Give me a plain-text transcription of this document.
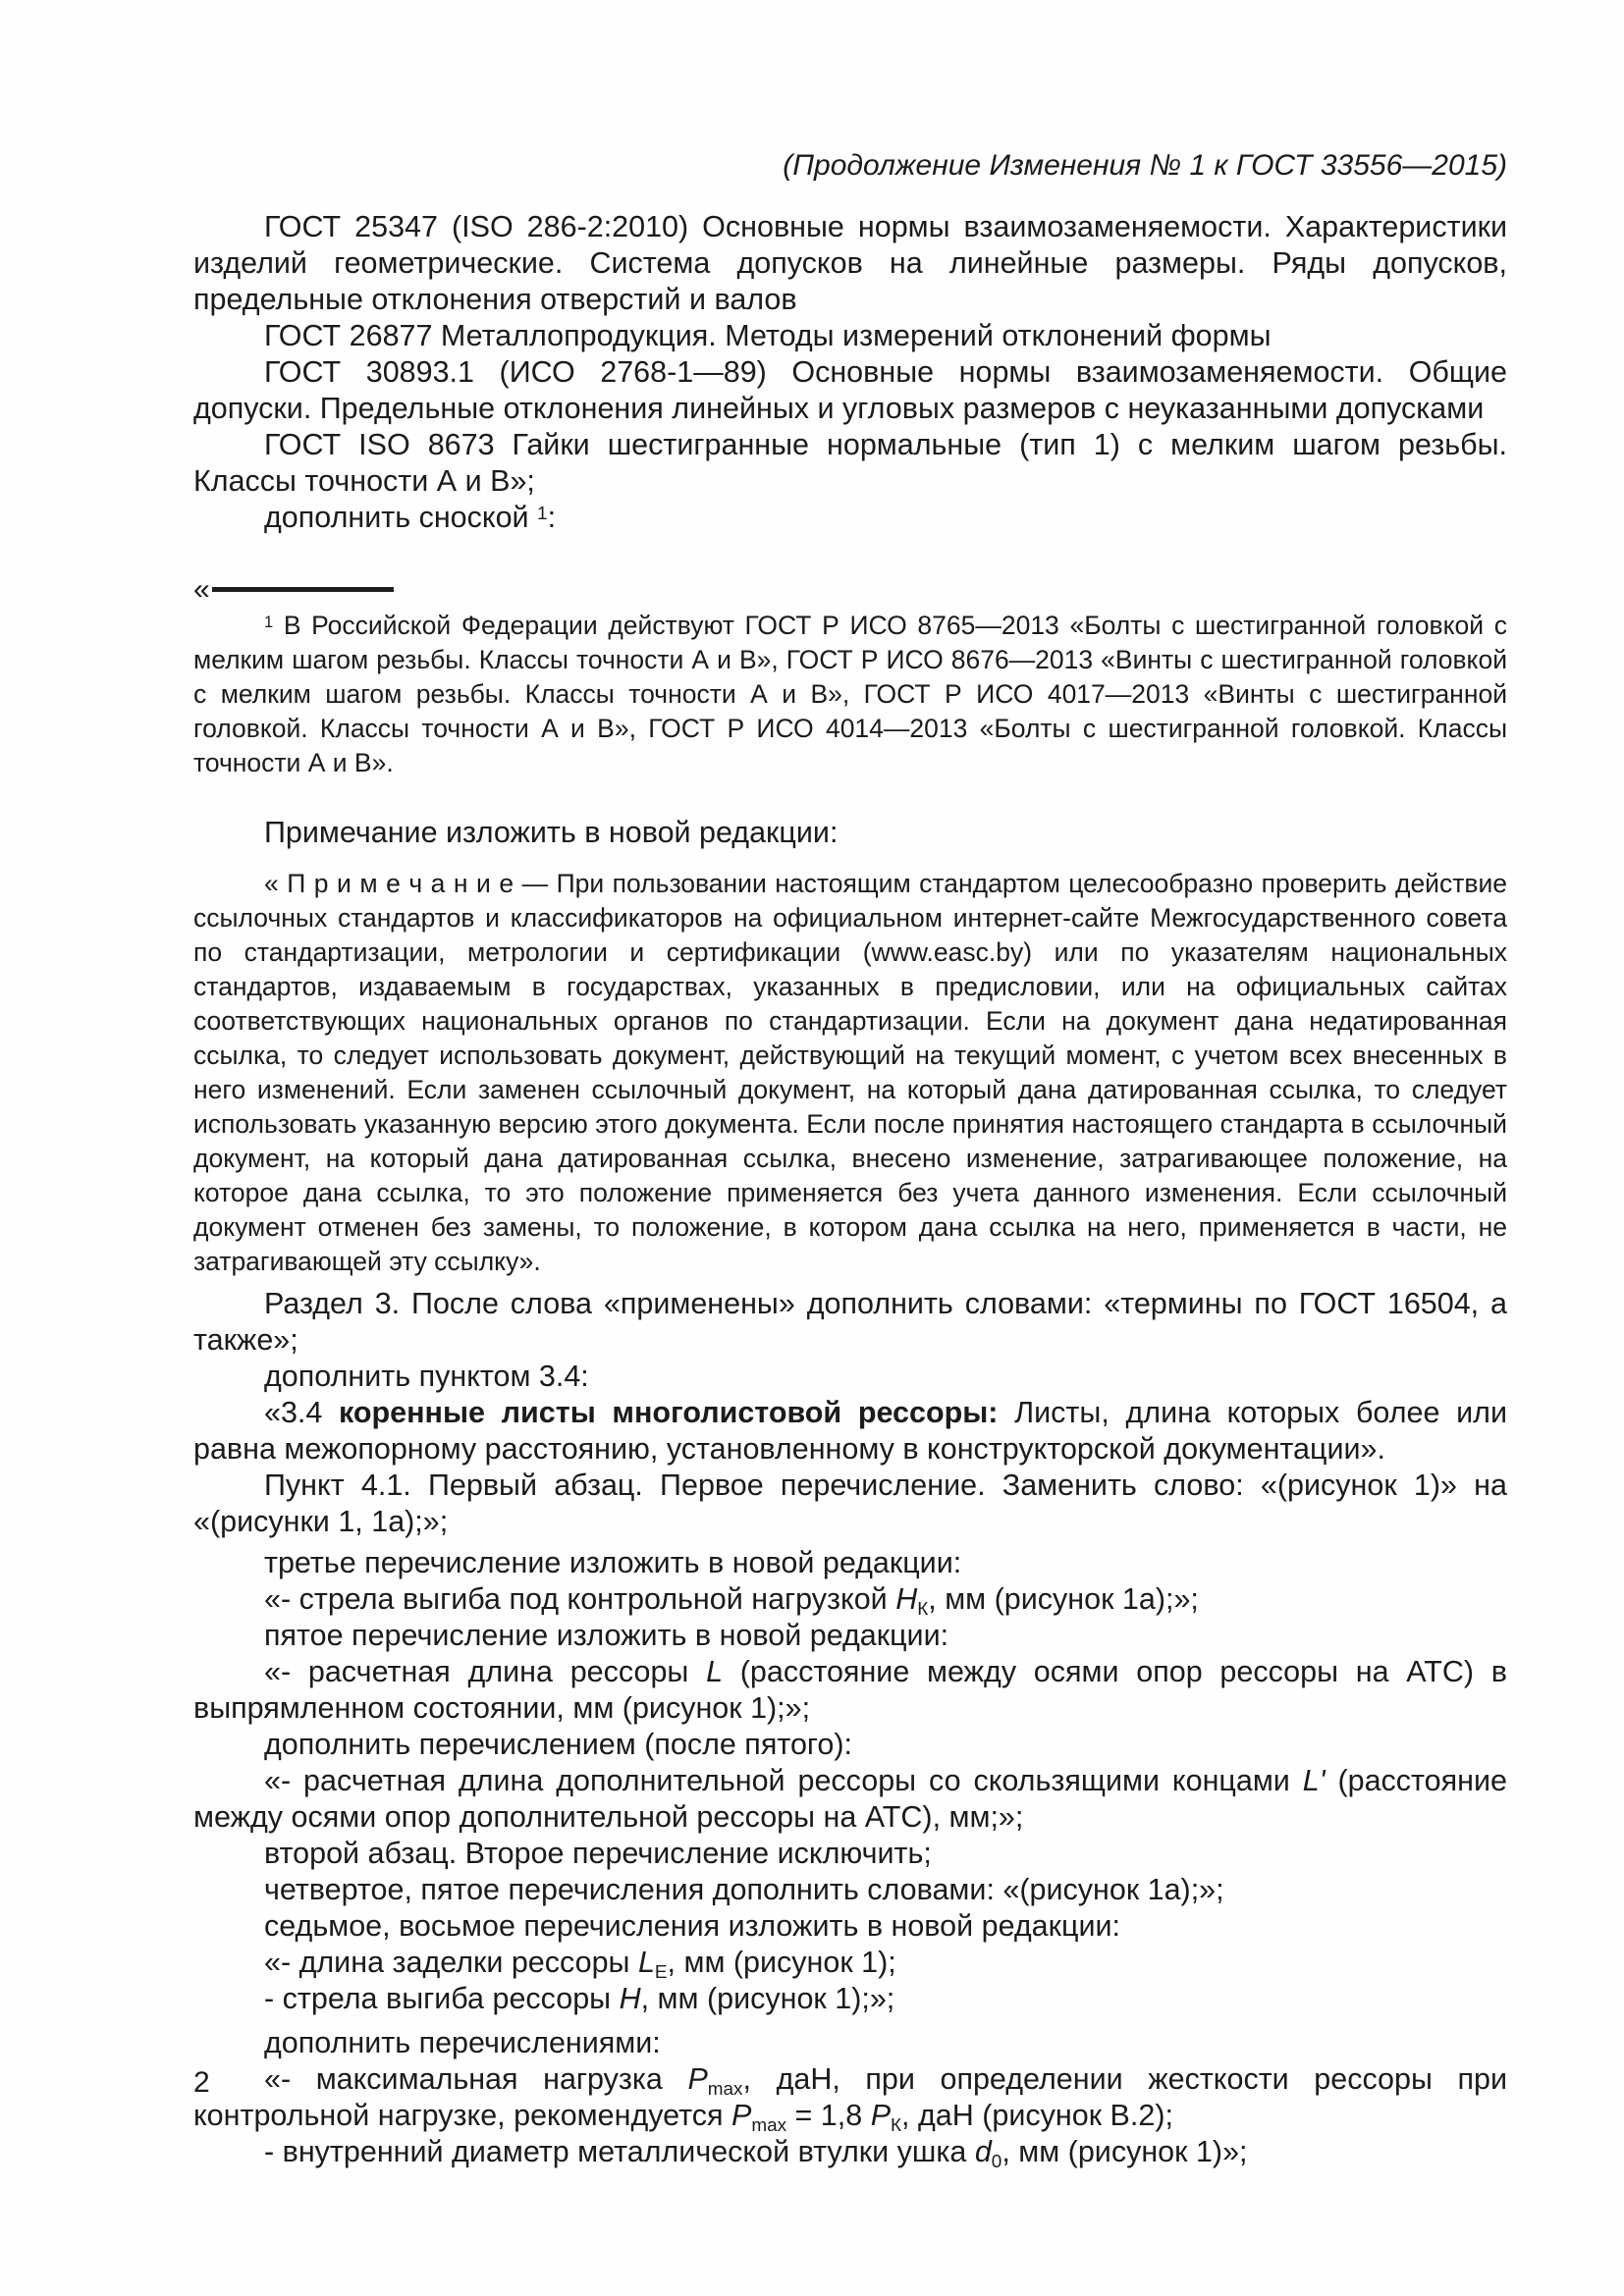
(Продолжение Изменения № 1 к ГОСТ 33556—2015)

ГОСТ 25347 (ISO 286-2:2010) Основные нормы взаимозаменяемости. Характеристики изделий геометрические. Система допусков на линейные размеры. Ряды допусков, предельные отклонения отверстий и валов

ГОСТ 26877 Металлопродукция. Методы измерений отклонений формы

ГОСТ 30893.1 (ИСО 2768-1—89) Основные нормы взаимозаменяемости. Общие допуски. Предельные отклонения линейных и угловых размеров с неуказанными допусками

ГОСТ ISO 8673 Гайки шестигранные нормальные (тип 1) с мелким шагом резьбы. Классы точности А и В»;

дополнить сноской $^1$:

«

$^1$ В Российской Федерации действуют ГОСТ Р ИСО 8765—2013 «Болты с шестигранной головкой с мелким шагом резьбы. Классы точности А и В», ГОСТ Р ИСО 8676—2013 «Винты с шестигранной головкой с мелким шагом резьбы. Классы точности А и В», ГОСТ Р ИСО 4017—2013 «Винты с шестигранной головкой. Классы точности А и В», ГОСТ Р ИСО 4014—2013 «Болты с шестигранной головкой. Классы точности А и В».

Примечание изложить в новой редакции:

« П р и м е ч а н и е — При пользовании настоящим стандартом целесообразно проверить действие ссылочных стандартов и классификаторов на официальном интернет-сайте Межгосударственного совета по стандартизации, метрологии и сертификации (www.easc.by) или по указателям национальных стандартов, издаваемым в государствах, указанных в предисловии, или на официальных сайтах соответствующих национальных органов по стандартизации. Если на документ дана недатированная ссылка, то следует использовать документ, действующий на текущий момент, с учетом всех внесенных в него изменений. Если заменен ссылочный документ, на который дана датированная ссылка, то следует использовать указанную версию этого документа. Если после принятия настоящего стандарта в ссылочный документ, на который дана датированная ссылка, внесено изменение, затрагивающее положение, на которое дана ссылка, то это положение применяется без учета данного изменения. Если ссылочный документ отменен без замены, то положение, в котором дана ссылка на него, применяется в части, не затрагивающей эту ссылку».

Раздел 3. После слова «применены» дополнить словами: «термины по ГОСТ 16504, а также»;

дополнить пунктом 3.4:

«3.4 коренные листы многолистовой рессоры: Листы, длина которых более или равна межопорному расстоянию, установленному в конструкторской документации».

Пункт 4.1. Первый абзац. Первое перечисление. Заменить слово: «(рисунок 1)» на «(рисунки 1, 1а);»;

третье перечисление изложить в новой редакции:

«- стрела выгиба под контрольной нагрузкой НК, мм (рисунок 1а);»;

пятое перечисление изложить в новой редакции:

«- расчетная длина рессоры L (расстояние между осями опор рессоры на АТС) в выпрямленном состоянии, мм (рисунок 1);»;

дополнить перечислением (после пятого):

«- расчетная длина дополнительной рессоры со скользящими концами L' (расстояние между осями опор дополнительной рессоры на АТС), мм;»;

второй абзац. Второе перечисление исключить;

четвертое, пятое перечисления дополнить словами: «(рисунок 1а);»;

седьмое, восьмое перечисления изложить в новой редакции:

«- длина заделки рессоры LE, мм (рисунок 1);

- стрела выгиба рессоры Н, мм (рисунок 1);»;

дополнить перечислениями:

«- максимальная нагрузка Pmax, даН, при определении жесткости рессоры при контрольной нагрузке, рекомендуется Pmax = 1,8 PК, даН (рисунок В.2);

- внутренний диаметр металлической втулки ушка d0, мм (рисунок 1)»;

2
